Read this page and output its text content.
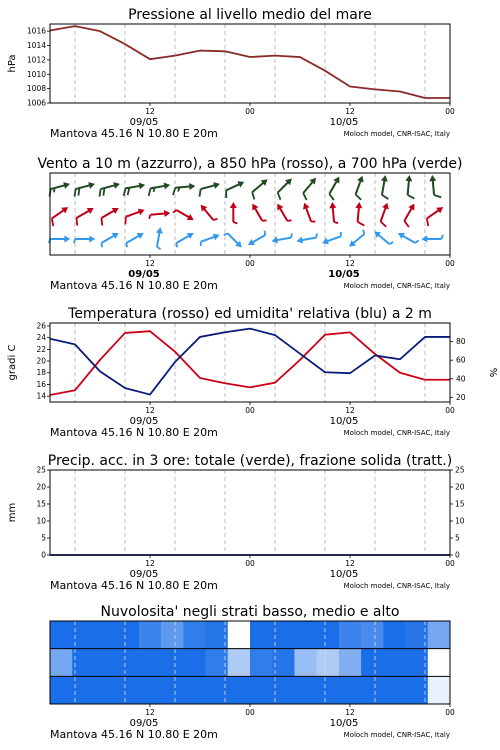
Pressione al livello medio del mare
12	00	12	00
09/05	10/05
Mantova 45.16 N 10.80 E 20m	Moloch model, CNR-ISAC, Italy
1016
1014
1012
1010
1008
1006
hPa
Vento a 10 m (azzurro), a 850 hPa (rosso), a 700 hPa (verde)
12	00	12	00
09/05	10/05
Mantova 45.16 N 10.80 E 20m	Moloch model, CNR-ISAC, Italy
Temperatura (rosso) ed umidita' relativa (blu) a 2 m
12	00	12	00
09/05	10/05
Mantova 45.16 N 10.80 E 20m	Moloch model, CNR-ISAC, Italy
26
24
22
20
18
16
14
gradi C
80
60
40
20
%
Precip. acc. in 3 ore: totale (verde), frazione solida (tratt.)
12	00	12	00
09/05	10/05
Mantova 45.16 N 10.80 E 20m	Moloch model, CNR-ISAC, Italy
25	25
20	20
15	15
10	10
5	5
0	0
mm
Nuvolosita' negli strati basso, medio e alto
12	00	12	00
09/05	10/05
Mantova 45.16 N 10.80 E 20m	Moloch model, CNR-ISAC, Italy
